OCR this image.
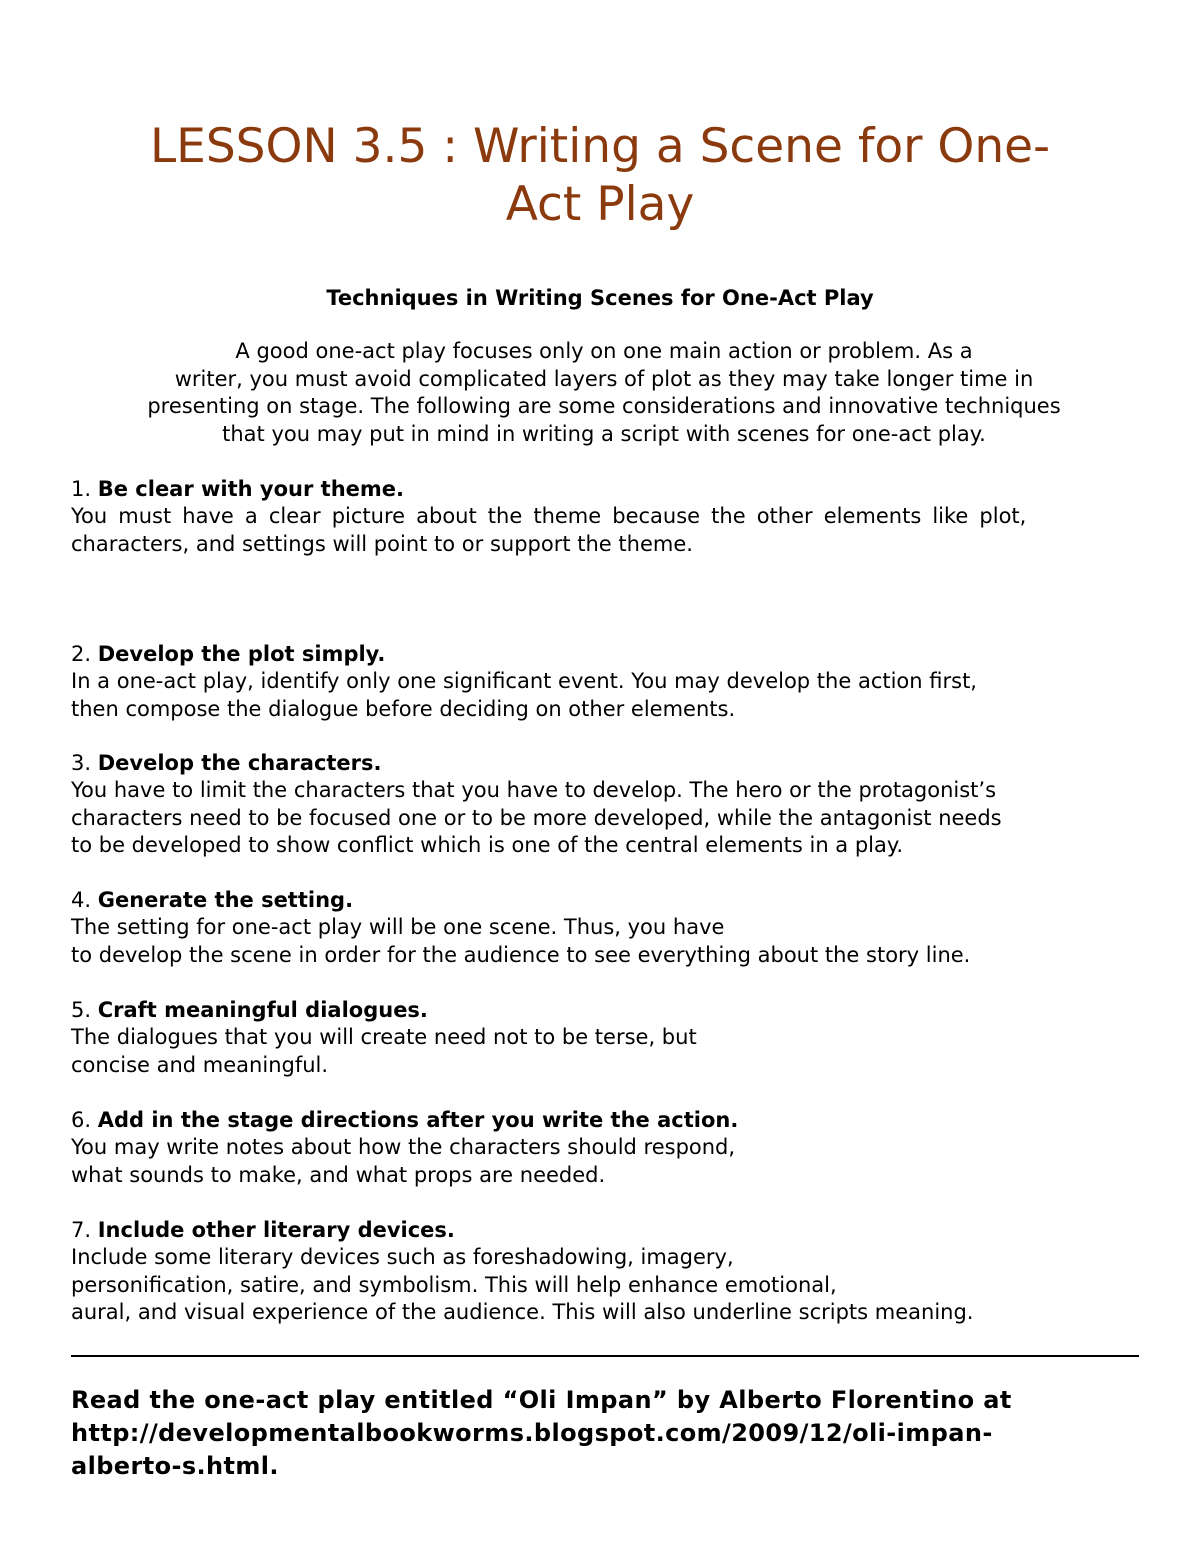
LESSON 3.5 : Writing a Scene for One-
Act Play
Techniques in Writing Scenes for One-Act Play

A good one-act play focuses only on one main action or problem. As a
writer, you must avoid complicated layers of plot as they may take longer time in
presenting on stage. The following are some considerations and innovative techniques
that you may put in mind in writing a script with scenes for one-act play.

1. Be clear with your theme.
You must have a clear picture about the theme because the other elements like plot,
characters, and settings will point to or support the theme.
2. Develop the plot simply.
In a one-act play, identify only one significant event. You may develop the action first,
then compose the dialogue before deciding on other elements.
3. Develop the characters.
You have to limit the characters that you have to develop. The hero or the protagonist’s
characters need to be focused one or to be more developed, while the antagonist needs
to be developed to show conflict which is one of the central elements in a play.
4. Generate the setting.
The setting for one-act play will be one scene. Thus, you have
to develop the scene in order for the audience to see everything about the story line.
5. Craft meaningful dialogues.
The dialogues that you will create need not to be terse, but
concise and meaningful.
6. Add in the stage directions after you write the action.
You may write notes about how the characters should respond,
what sounds to make, and what props are needed.
7. Include other literary devices.
Include some literary devices such as foreshadowing, imagery,
personification, satire, and symbolism. This will help enhance emotional,
aural, and visual experience of the audience. This will also underline scripts meaning.

Read the one-act play entitled “Oli Impan” by Alberto Florentino at
http://developmentalbookworms.blogspot.com/2009/12/oli-impan-
alberto-s.html.
